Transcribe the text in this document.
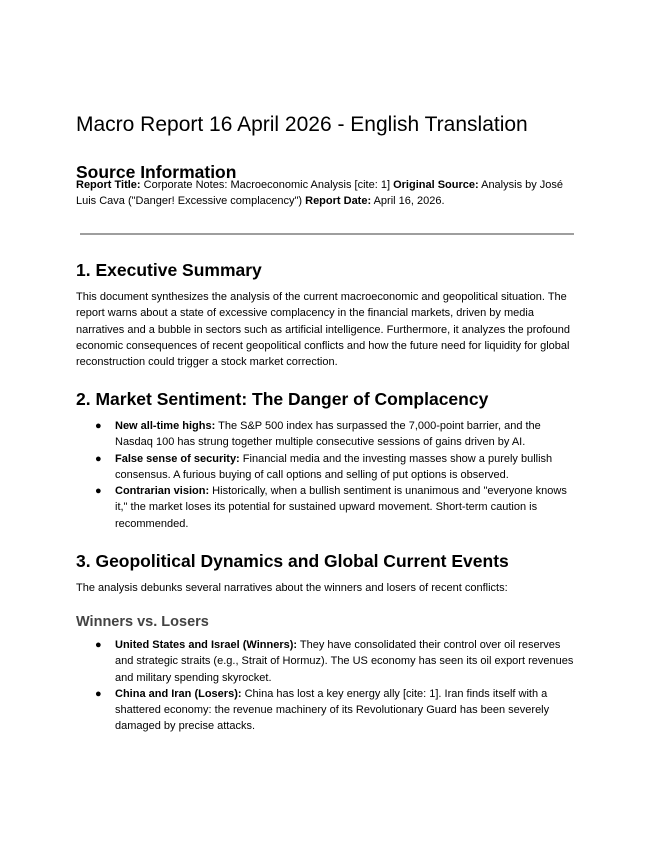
Macro Report 16 April 2026 - English Translation
Source Information

Report Title: Corporate Notes: Macroeconomic Analysis [cite: 1] Original Source: Analysis by José Luis Cava ("Danger! Excessive complacency") Report Date: April 16, 2026.

1. Executive Summary

This document synthesizes the analysis of the current macroeconomic and geopolitical situation. The report warns about a state of excessive complacency in the financial markets, driven by media narratives and a bubble in sectors such as artificial intelligence. Furthermore, it analyzes the profound economic consequences of recent geopolitical conflicts and how the future need for liquidity for global reconstruction could trigger a stock market correction.

2. Market Sentiment: The Danger of Complacency
● New all-time highs: The S&P 500 index has surpassed the 7,000-point barrier, and the Nasdaq 100 has strung together multiple consecutive sessions of gains driven by AI.
● False sense of security: Financial media and the investing masses show a purely bullish consensus. A furious buying of call options and selling of put options is observed.
● Contrarian vision: Historically, when a bullish sentiment is unanimous and "everyone knows it," the market loses its potential for sustained upward movement. Short-term caution is recommended.
3. Geopolitical Dynamics and Global Current Events

The analysis debunks several narratives about the winners and losers of recent conflicts:

Winners vs. Losers
● United States and Israel (Winners): They have consolidated their control over oil reserves and strategic straits (e.g., Strait of Hormuz). The US economy has seen its oil export revenues and military spending skyrocket.
● China and Iran (Losers): China has lost a key energy ally [cite: 1]. Iran finds itself with a shattered economy: the revenue machinery of its Revolutionary Guard has been severely damaged by precise attacks.
